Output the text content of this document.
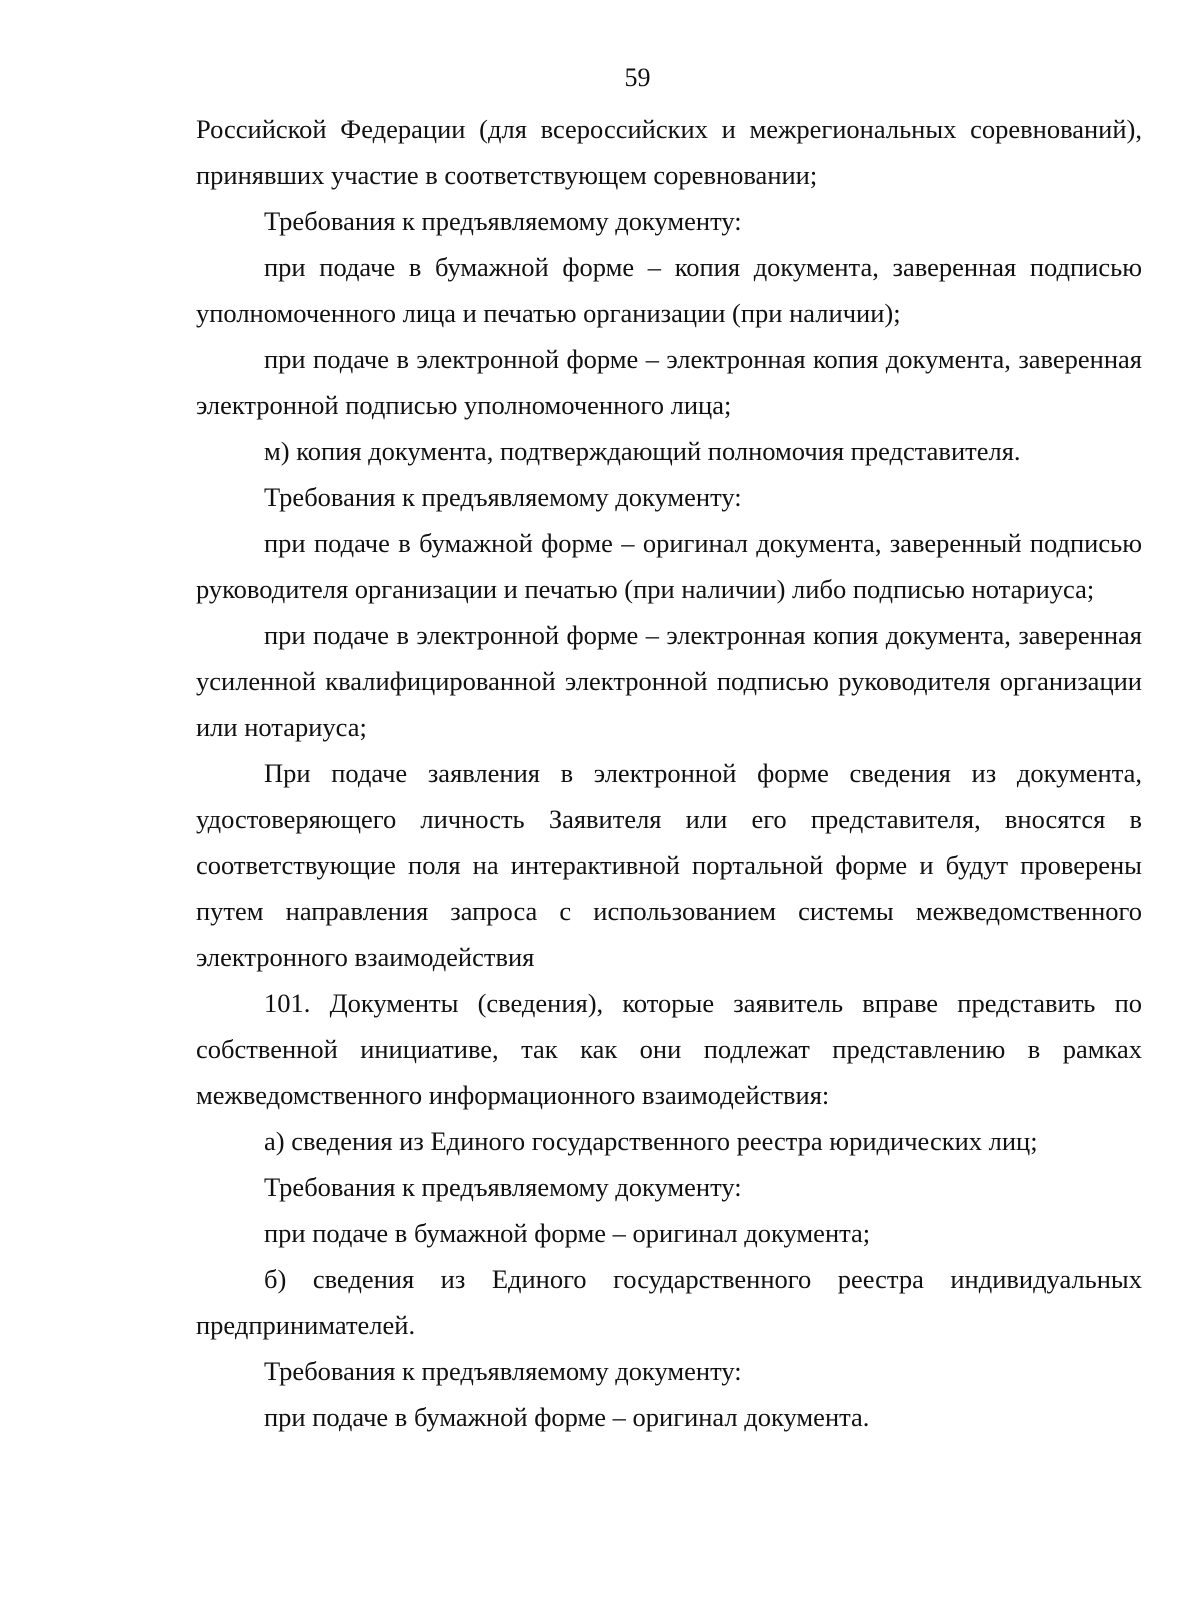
59

Российской Федерации (для всероссийских и межрегиональных соревнований), принявших участие в соответствующем соревновании;

Требования к предъявляемому документу:

при подаче в бумажной форме – копия документа, заверенная подписью уполномоченного лица и печатью организации (при наличии);

при подаче в электронной форме – электронная копия документа, заверенная электронной подписью уполномоченного лица;

м) копия документа, подтверждающий полномочия представителя.

Требования к предъявляемому документу:

при подаче в бумажной форме – оригинал документа, заверенный подписью руководителя организации и печатью (при наличии) либо подписью нотариуса;

при подаче в электронной форме – электронная копия документа, заверенная усиленной квалифицированной электронной подписью руководителя организации или нотариуса;

При подаче заявления в электронной форме сведения из документа, удостоверяющего личность Заявителя или его представителя, вносятся в соответствующие поля на интерактивной портальной форме и будут проверены путем направления запроса с использованием системы межведомственного электронного взаимодействия

101. Документы (сведения), которые заявитель вправе представить по собственной инициативе, так как они подлежат представлению в рамках межведомственного информационного взаимодействия:

а) сведения из Единого государственного реестра юридических лиц;

Требования к предъявляемому документу:

при подаче в бумажной форме – оригинал документа;

б) сведения из Единого государственного реестра индивидуальных предпринимателей.

Требования к предъявляемому документу:

при подаче в бумажной форме – оригинал документа.
